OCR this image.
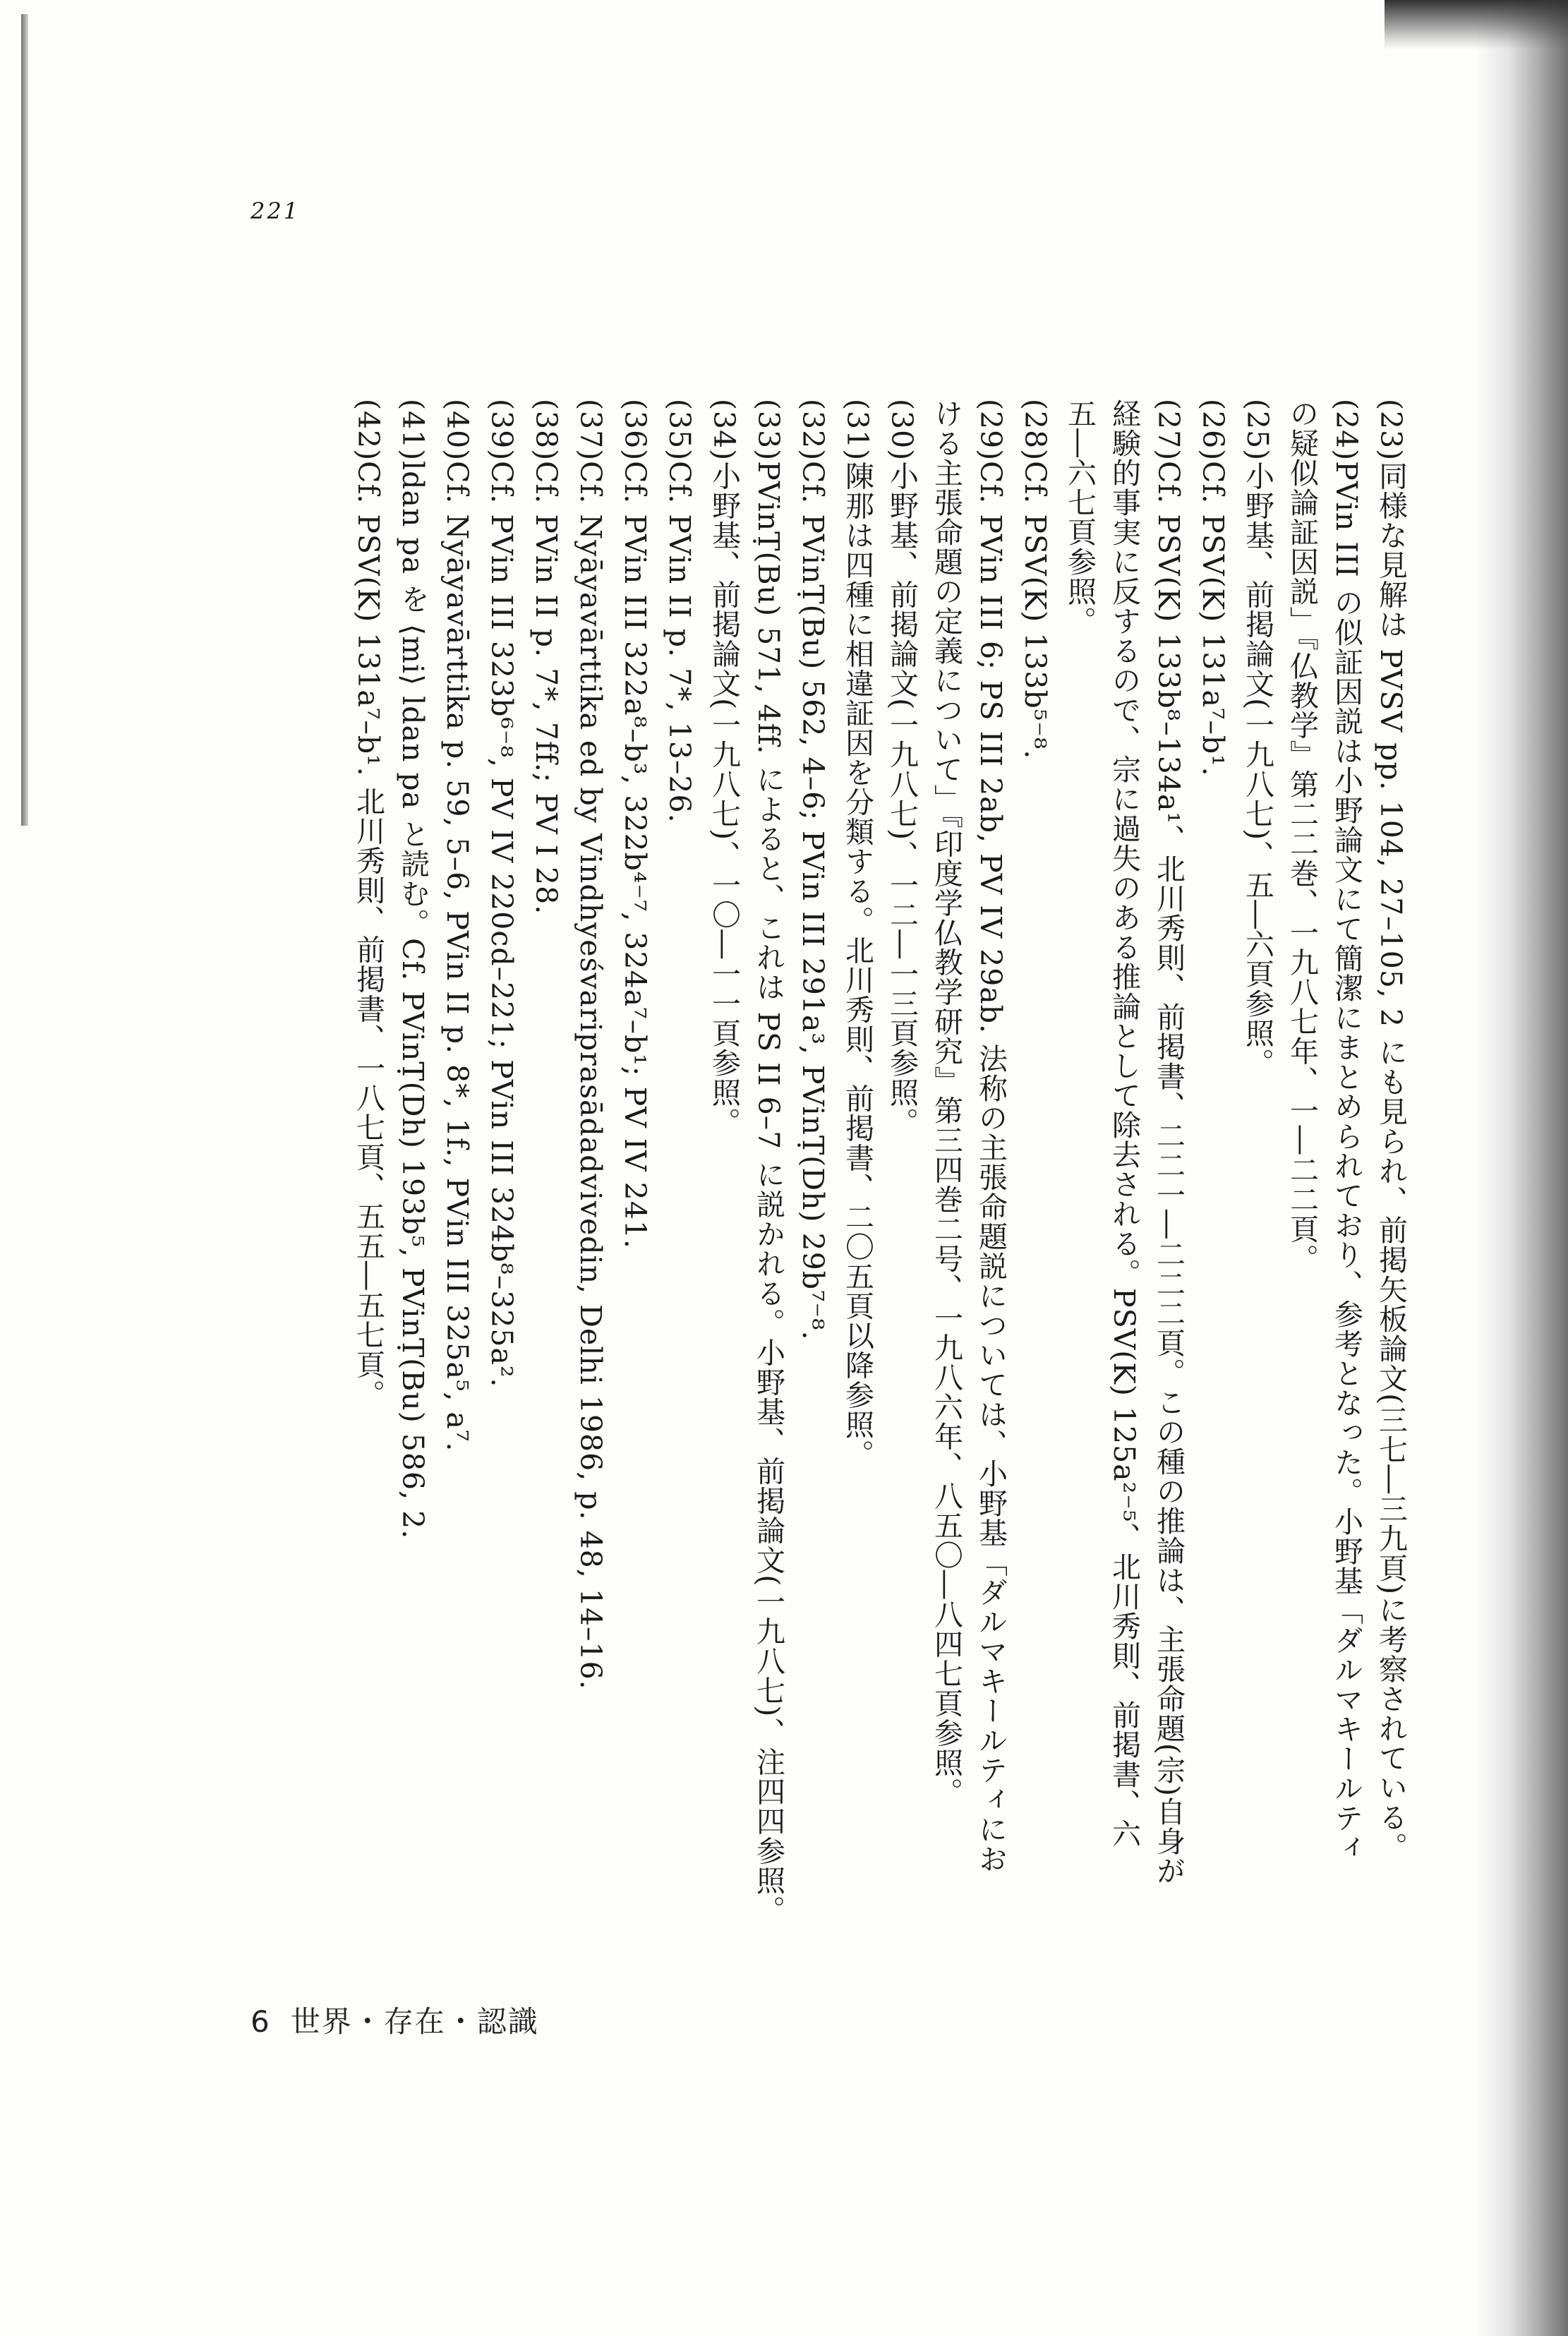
221
(23)同様な見解は PVSV pp. 104, 27–105, 2 にも見られ、前掲矢板論文(三七―三九頁)に考察されている。
(24)PVin III の似証因説は小野論文にて簡潔にまとめられており、参考となった。小野基「ダルマキールティ
の疑似論証因説」『仏教学』第二二巻、一九八七年、一―二二頁。
(25)小野基、前掲論文(一九八七)、五―六頁参照。
(26)Cf. PSV(K) 131a⁷–b¹.
(27)Cf. PSV(K) 133b⁸–134a¹、北川秀則、前掲書、二二一―二二二頁。この種の推論は、主張命題(宗)自身が
経験的事実に反するので、宗に過失のある推論として除去される。PSV(K) 125a²⁻⁵、北川秀則、前掲書、六
五―六七頁参照。
(28)Cf. PSV(K) 133b⁵⁻⁸.
(29)Cf. PVin III 6; PS III 2ab, PV IV 29ab. 法称の主張命題説については、小野基「ダルマキールティにお
ける主張命題の定義について」『印度学仏教学研究』第三四巻二号、一九八六年、八五〇―八四七頁参照。
(30)小野基、前掲論文(一九八七)、一二―一三頁参照。
(31)陳那は四種に相違証因を分類する。北川秀則、前掲書、二〇五頁以降参照。
(32)Cf. PVinṬ(Bu) 562, 4–6; PVin III 291a³, PVinṬ(Dh) 29b⁷⁻⁸.
(33)PVinṬ(Bu) 571, 4ff. によると、これは PS II 6–7 に説かれる。小野基、前掲論文(一九八七)、注四四参照。
(34)小野基、前掲論文(一九八七)、一〇―一一頁参照。
(35)Cf. PVin II p. 7*, 13–26.
(36)Cf. PVin III 322a⁸–b³, 322b⁴⁻⁷, 324a⁷–b¹; PV IV 241.
(37)Cf. Nyāyavārttika ed by Vindhyeśvariprasādadvivedin, Delhi 1986, p. 48, 14–16.
(38)Cf. PVin II p. 7*, 7ff.; PV I 28.
(39)Cf. PVin III 323b⁶⁻⁸, PV IV 220cd–221; PVin III 324b⁸–325a².
(40)Cf. Nyāyavārttika p. 59, 5–6, PVin II p. 8*, 1f., PVin III 325a⁵, a⁷.
(41)ldan pa を ⟨mi⟩ ldan pa と読む。Cf. PVinṬ(Dh) 193b⁵, PVinṬ(Bu) 586, 2.
(42)Cf. PSV(K) 131a⁷–b¹. 北川秀則、前掲書、一八七頁、五五―五七頁。
6 世界・存在・認識
